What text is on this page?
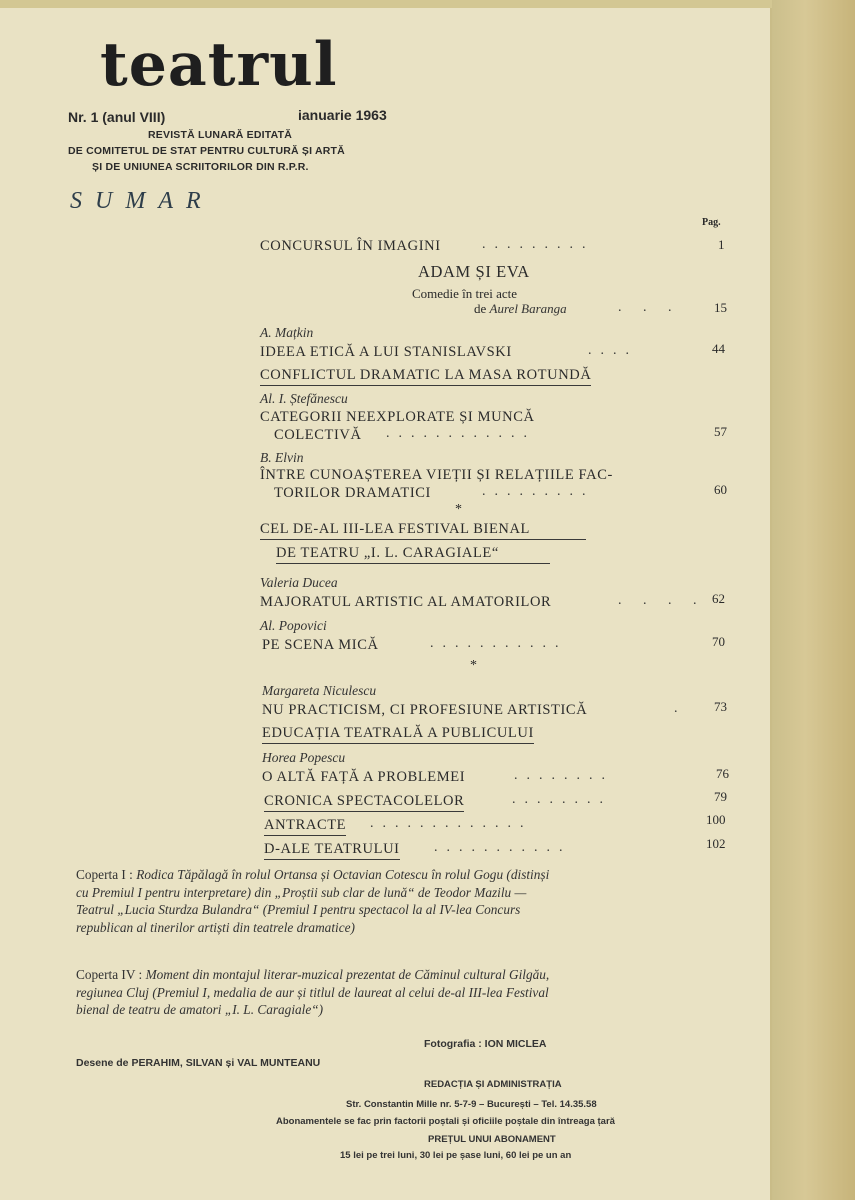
teatrul
Nr. 1 (anul VIII)	ianuarie 1963
REVISTĂ LUNARĂ EDITATĂ
DE COMITETUL DE STAT PENTRU CULTURĂ ȘI ARTĂ
ȘI DE UNIUNEA SCRIITORILOR DIN R.P.R.
SUMAR
Pag.
CONCURSUL ÎN IMAGINI	.........	1
ADAM ȘI EVA
Comedie în trei acte
de Aurel Baranga	. . .	15
A. Mațkin
IDEEA ETICĂ A LUI STANISLAVSKI	....	44
CONFLICTUL DRAMATIC LA MASA ROTUNDĂ
Al. I. Ștefănescu
CATEGORII NEEXPLORATE ȘI MUNCĂ
COLECTIVĂ ............	57
B. Elvin
ÎNTRE CUNOAȘTEREA VIEȚII ȘI RELAȚIILE FAC-
TORILOR DRAMATICI	.........	60
*
CEL DE-AL III-LEA FESTIVAL BIENAL
DE TEATRU „I. L. CARAGIALE“
Valeria Ducea
MAJORATUL ARTISTIC AL AMATORILOR	. . . . 62
Al. Popovici
PE SCENA MICĂ	...........	70
*
Margareta Niculescu
NU PRACTICISM, CI PROFESIUNE ARTISTICĂ	. 73
EDUCAȚIA TEATRALĂ A PUBLICULUI
Horea Popescu
O ALTĂ FAȚĂ A PROBLEMEI	........	76
CRONICA SPECTACOLELOR	........	79
ANTRACTE .............	100
D-ALE TEATRULUI ...........	102
Coperta I : Rodica Tăpălagă în rolul Ortansa și Octavian Cotescu în rolul Gogu (distinși cu Premiul I pentru interpretare) din „Proștii sub clar de lună“ de Teodor Mazilu — Teatrul „Lucia Sturdza Bulandra“ (Premiul I pentru spectacol la al IV-lea Concurs republican al tinerilor artiști din teatrele dramatice)
Coperta IV : Moment din montajul literar-muzical prezentat de Căminul cultural Gilgău, regiunea Cluj (Premiul I, medalia de aur și titlul de laureat al celui de-al III-lea Festival bienal de teatru de amatori „I. L. Caragiale“)
Fotografia : ION MICLEA
Desene de PERAHIM, SILVAN și VAL MUNTEANU
REDACȚIA ȘI ADMINISTRAȚIA
Str. Constantin Mille nr. 5-7-9 – București – Tel. 14.35.58
Abonamentele se fac prin factorii poștali și oficiile poștale din întreaga țară
PREȚUL UNUI ABONAMENT
15 lei pe trei luni, 30 lei pe șase luni, 60 lei pe un an
